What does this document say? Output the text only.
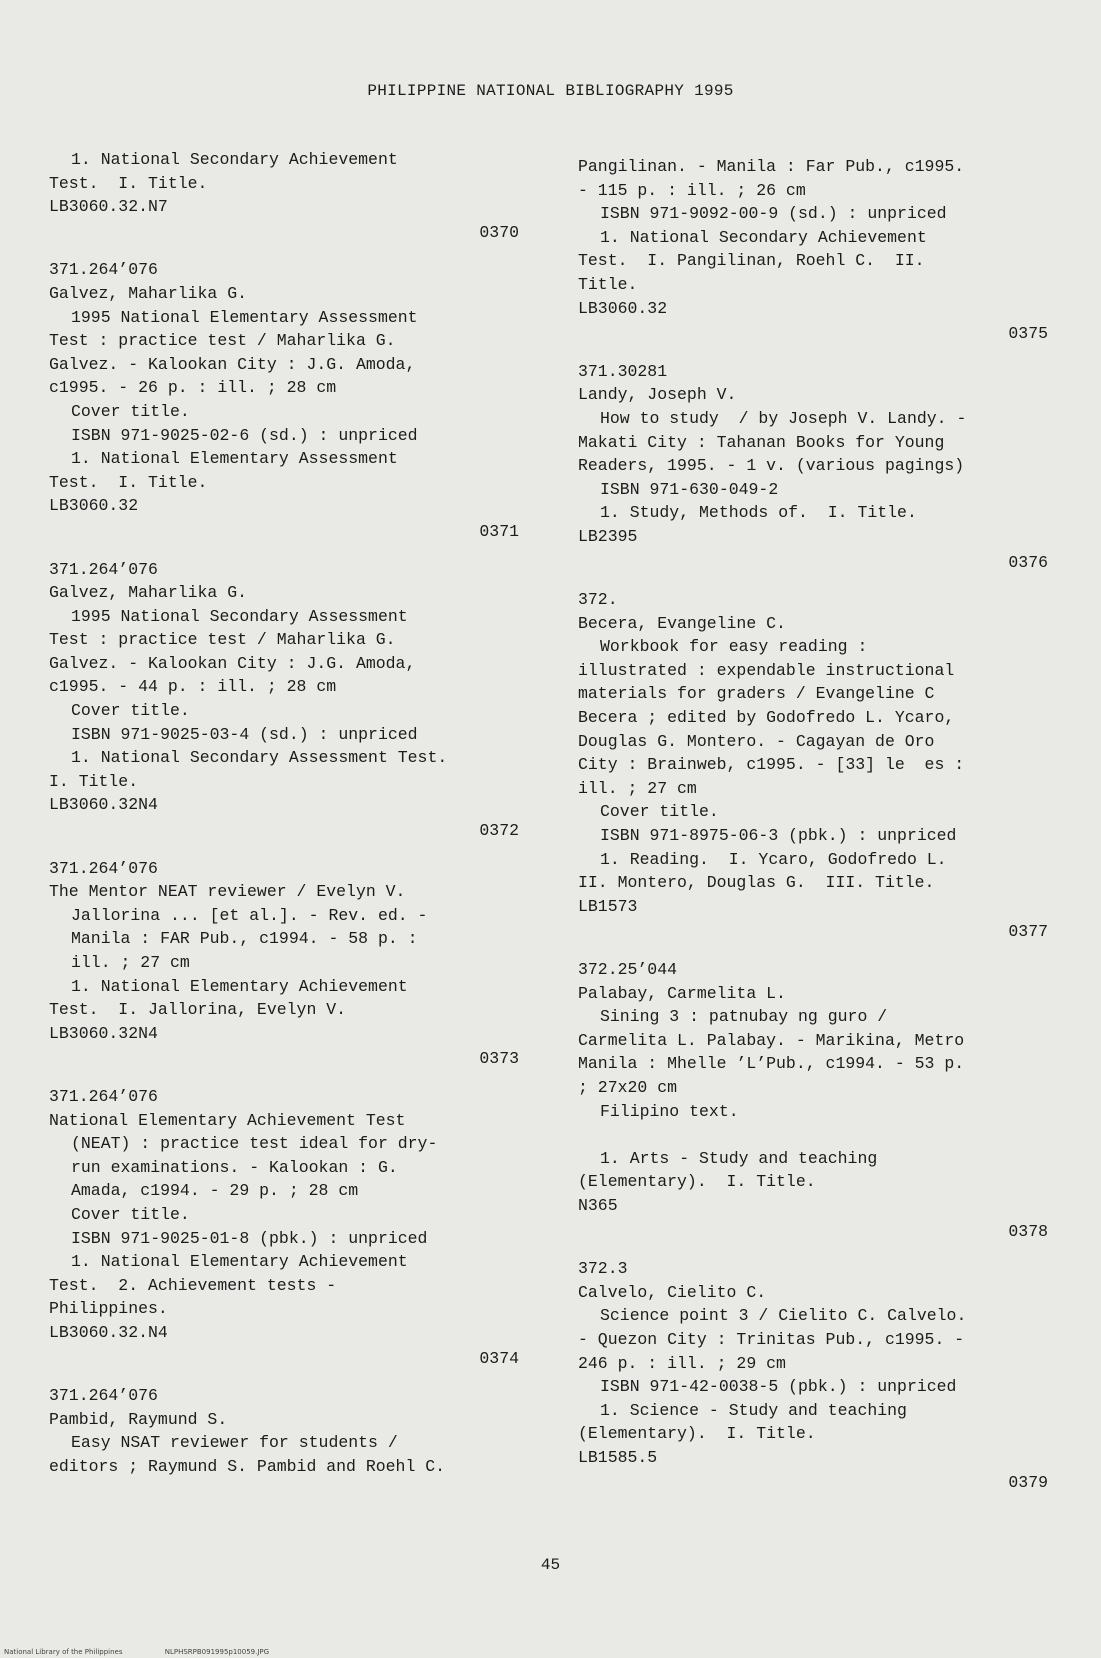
PHILIPPINE NATIONAL BIBLIOGRAPHY 1995
1. National Secondary Achievement
Test.  I. Title.
LB3060.32.N7
0370
371.264’076
Galvez, Maharlika G.
1995 National Elementary Assessment
Test : practice test / Maharlika G.
Galvez. - Kalookan City : J.G. Amoda,
c1995. - 26 p. : ill. ; 28 cm
Cover title.
ISBN 971-9025-02-6 (sd.) : unpriced
1. National Elementary Assessment
Test.  I. Title.
LB3060.32
0371
371.264’076
Galvez, Maharlika G.
1995 National Secondary Assessment
Test : practice test / Maharlika G.
Galvez. - Kalookan City : J.G. Amoda,
c1995. - 44 p. : ill. ; 28 cm
Cover title.
ISBN 971-9025-03-4 (sd.) : unpriced
1. National Secondary Assessment Test.
I. Title.
LB3060.32N4
0372
371.264’076
The Mentor NEAT reviewer / Evelyn V.
Jallorina ... [et al.]. - Rev. ed. -
Manila : FAR Pub., c1994. - 58 p. :
ill. ; 27 cm
1. National Elementary Achievement
Test.  I. Jallorina, Evelyn V.
LB3060.32N4
0373
371.264’076
National Elementary Achievement Test
(NEAT) : practice test ideal for dry-
run examinations. - Kalookan : G.
Amada, c1994. - 29 p. ; 28 cm
Cover title.
ISBN 971-9025-01-8 (pbk.) : unpriced
1. National Elementary Achievement
Test.  2. Achievement tests -
Philippines.
LB3060.32.N4
0374
371.264’076
Pambid, Raymund S.
Easy NSAT reviewer for students /
editors ; Raymund S. Pambid and Roehl C.
Pangilinan. - Manila : Far Pub., c1995.
- 115 p. : ill. ; 26 cm
ISBN 971-9092-00-9 (sd.) : unpriced
1. National Secondary Achievement
Test.  I. Pangilinan, Roehl C.  II.
Title.
LB3060.32
0375
371.30281
Landy, Joseph V.
How to study  / by Joseph V. Landy. -
Makati City : Tahanan Books for Young
Readers, 1995. - 1 v. (various pagings)
ISBN 971-630-049-2
1. Study, Methods of.  I. Title.
LB2395
0376
372.
Becera, Evangeline C.
Workbook for easy reading :
illustrated : expendable instructional
materials for graders / Evangeline C
Becera ; edited by Godofredo L. Ycaro,
Douglas G. Montero. - Cagayan de Oro
City : Brainweb, c1995. - [33] le  es :
ill. ; 27 cm
Cover title.
ISBN 971-8975-06-3 (pbk.) : unpriced
1. Reading.  I. Ycaro, Godofredo L.
II. Montero, Douglas G.  III. Title.
LB1573
0377
372.25’044
Palabay, Carmelita L.
Sining 3 : patnubay ng guro /
Carmelita L. Palabay. - Marikina, Metro
Manila : Mhelle ’L’Pub., c1994. - 53 p.
; 27x20 cm
Filipino text.
1. Arts - Study and teaching
(Elementary).  I. Title.
N365
0378
372.3
Calvelo, Cielito C.
Science point 3 / Cielito C. Calvelo.
- Quezon City : Trinitas Pub., c1995. -
246 p. : ill. ; 29 cm
ISBN 971-42-0038-5 (pbk.) : unpriced
1. Science - Study and teaching
(Elementary).  I. Title.
LB1585.5
0379
45
National Library of the Philippines	NLPHSRPB091995p10059.JPG
